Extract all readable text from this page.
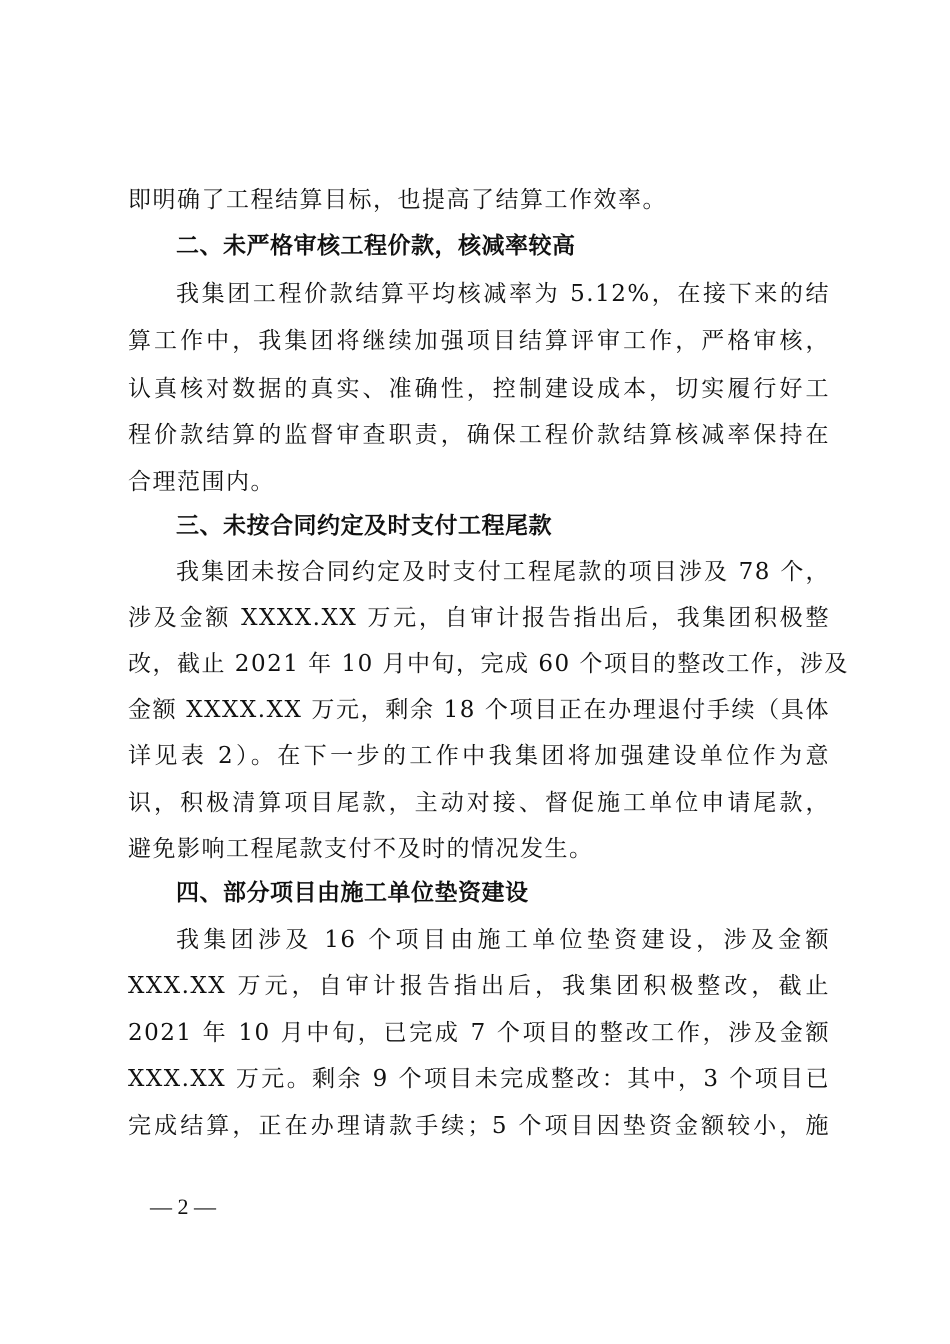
即明确了工程结算目标，也提高了结算工作效率。
二、未严格审核工程价款，核减率较高
我集团工程价款结算平均核减率为 5.12%，在接下来的结
算工作中，我集团将继续加强项目结算评审工作，严格审核，
认真核对数据的真实、准确性，控制建设成本，切实履行好工
程价款结算的监督审查职责，确保工程价款结算核减率保持在
合理范围内。
三、未按合同约定及时支付工程尾款
我集团未按合同约定及时支付工程尾款的项目涉及 78 个，
涉及金额 XXXX.XX 万元，自审计报告指出后，我集团积极整
改，截止 2021 年 10 月中旬，完成 60 个项目的整改工作，涉及
金额 XXXX.XX 万元，剩余 18 个项目正在办理退付手续（具体
详见表 2）。在下一步的工作中我集团将加强建设单位作为意
识，积极清算项目尾款，主动对接、督促施工单位申请尾款，
避免影响工程尾款支付不及时的情况发生。
四、部分项目由施工单位垫资建设
我集团涉及 16 个项目由施工单位垫资建设，涉及金额
XXX.XX 万元，自审计报告指出后，我集团积极整改，截止
2021 年 10 月中旬，已完成 7 个项目的整改工作，涉及金额
XXX.XX 万元。剩余 9 个项目未完成整改：其中，3 个项目已
完成结算，正在办理请款手续；5 个项目因垫资金额较小，施
— 2 —
